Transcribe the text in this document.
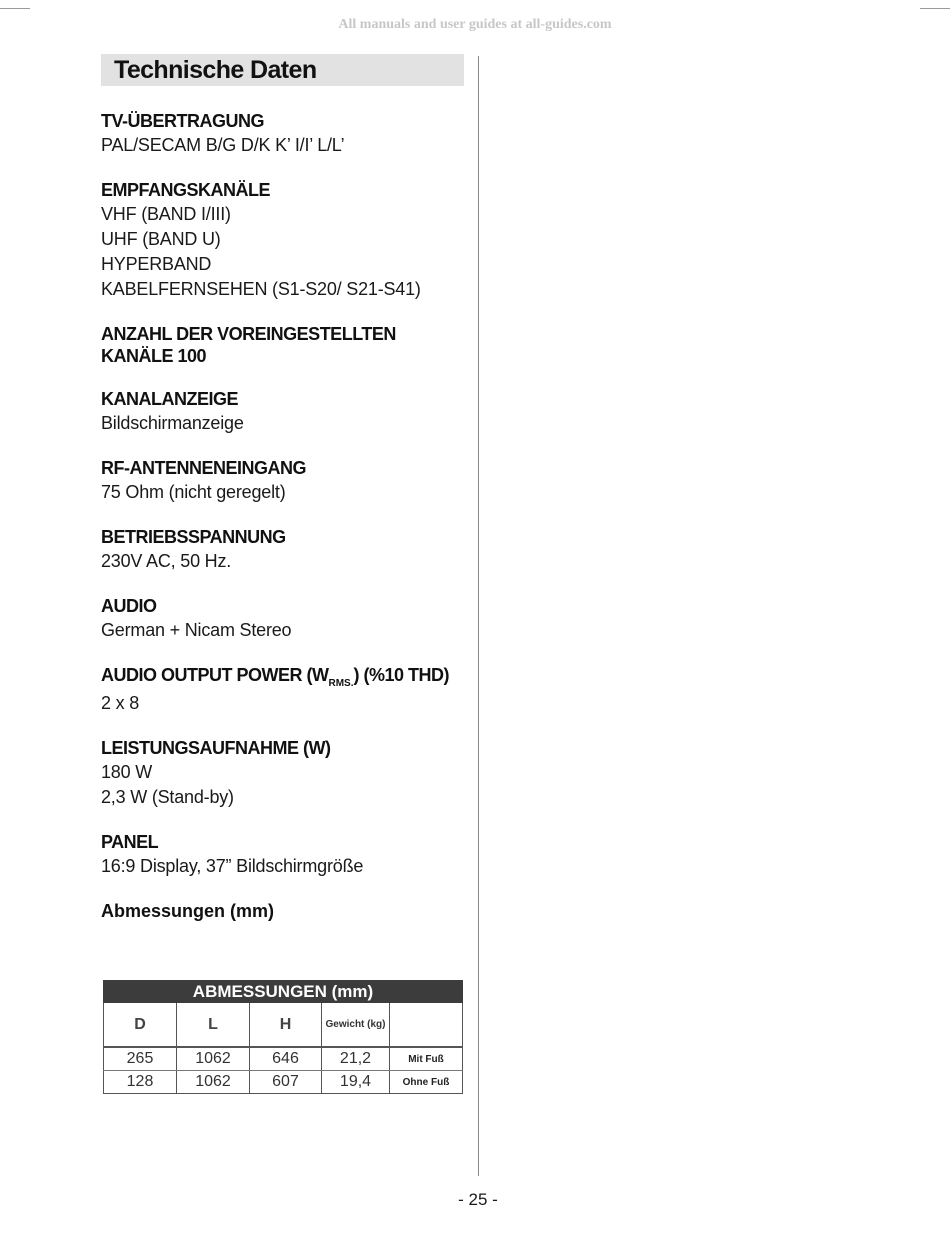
All manuals and user guides at all-guides.com
Technische Daten
TV-ÜBERTRAGUNG
PAL/SECAM B/G D/K K’ I/I’ L/L’
EMPFANGSKANÄLE
VHF (BAND I/III)
UHF (BAND U)
HYPERBAND
KABELFERNSEHEN (S1-S20/ S21-S41)
ANZAHL DER VOREINGESTELLTEN
KANÄLE 100
KANALANZEIGE
Bildschirmanzeige
RF-ANTENNENEINGANG
75 Ohm (nicht geregelt)
BETRIEBSSPANNUNG
230V AC, 50 Hz.
AUDIO
German + Nicam Stereo
AUDIO OUTPUT POWER $(W_{RMS.})$ (%10 THD)
2 x 8
LEISTUNGSAUFNAHME (W)
180 W
2,3 W (Stand-by)
PANEL
16:9 Display, 37” Bildschirmgröße
Abmessungen (mm)
ABMESSUNGEN (mm)				
D	L	H	Gewicht (kg)	
265	1062	646	21,2	Mit Fuß
128	1062	607	19,4	Ohne Fuß
- 25 -
